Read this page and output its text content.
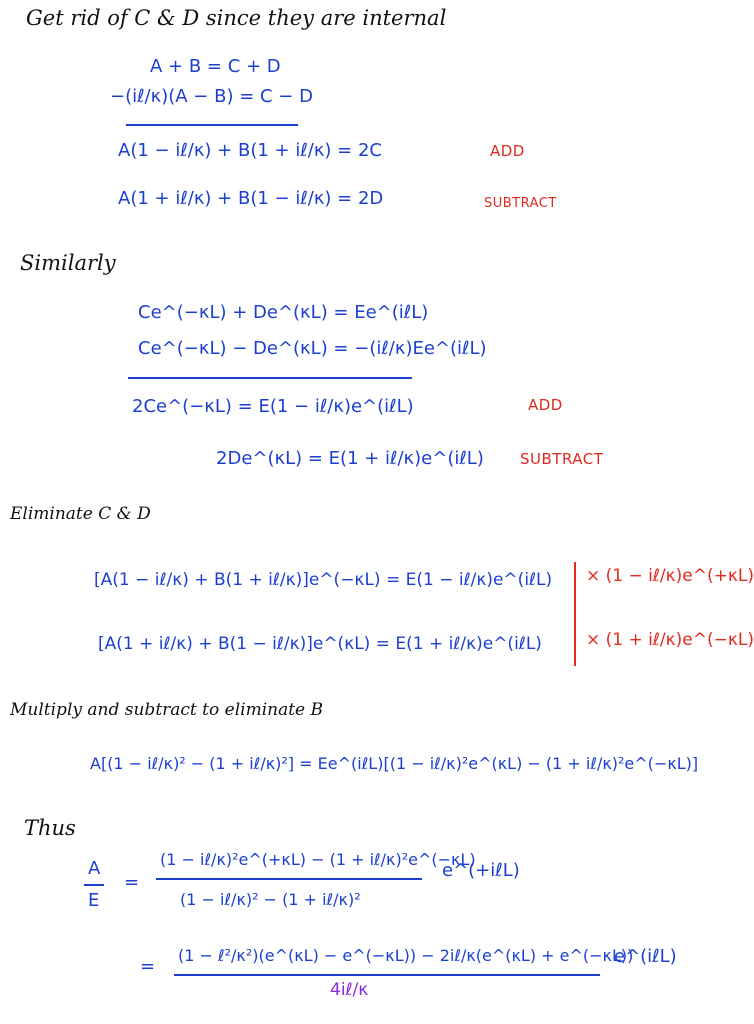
Get rid of C & D since they are internal
Similarly
Eliminate C & D
Multiply and subtract to eliminate B
Thus
A + B = C + D
−(iℓ/κ)(A − B) = C − D
A(1 − iℓ/κ) + B(1 + iℓ/κ) = 2C	ADD
A(1 + iℓ/κ) + B(1 − iℓ/κ) = 2D	SUBTRACT
Ce^(−κL) + De^(κL) = Ee^(iℓL)
Ce^(−κL) − De^(κL) = −(iℓ/κ)Ee^(iℓL)
2Ce^(−κL) = E(1 − iℓ/κ)e^(iℓL)	ADD
2De^(κL) = E(1 + iℓ/κ)e^(iℓL) SUBTRACT
[A(1 − iℓ/κ) + B(1 + iℓ/κ)]e^(−κL) = E(1 − iℓ/κ)e^(iℓL) × (1 − iℓ/κ)e^(+κL)
[A(1 + iℓ/κ) + B(1 − iℓ/κ)]e^(κL) = E(1 + iℓ/κ)e^(iℓL)	× (1 + iℓ/κ)e^(−κL)
A[(1 − iℓ/κ)² − (1 + iℓ/κ)²] = Ee^(iℓL)[(1 − iℓ/κ)²e^(κL) − (1 + iℓ/κ)²e^(−κL)]
A
E
=
(1 − iℓ/κ)²e^(+κL) − (1 + iℓ/κ)²e^(−κL)
(1 − iℓ/κ)² − (1 + iℓ/κ)²
e^(+iℓL)
=
(1 − ℓ²/κ²)(e^(κL) − e^(−κL)) − 2iℓ/κ(e^(κL) + e^(−κL))
4iℓ/κ
e^(iℓL)
